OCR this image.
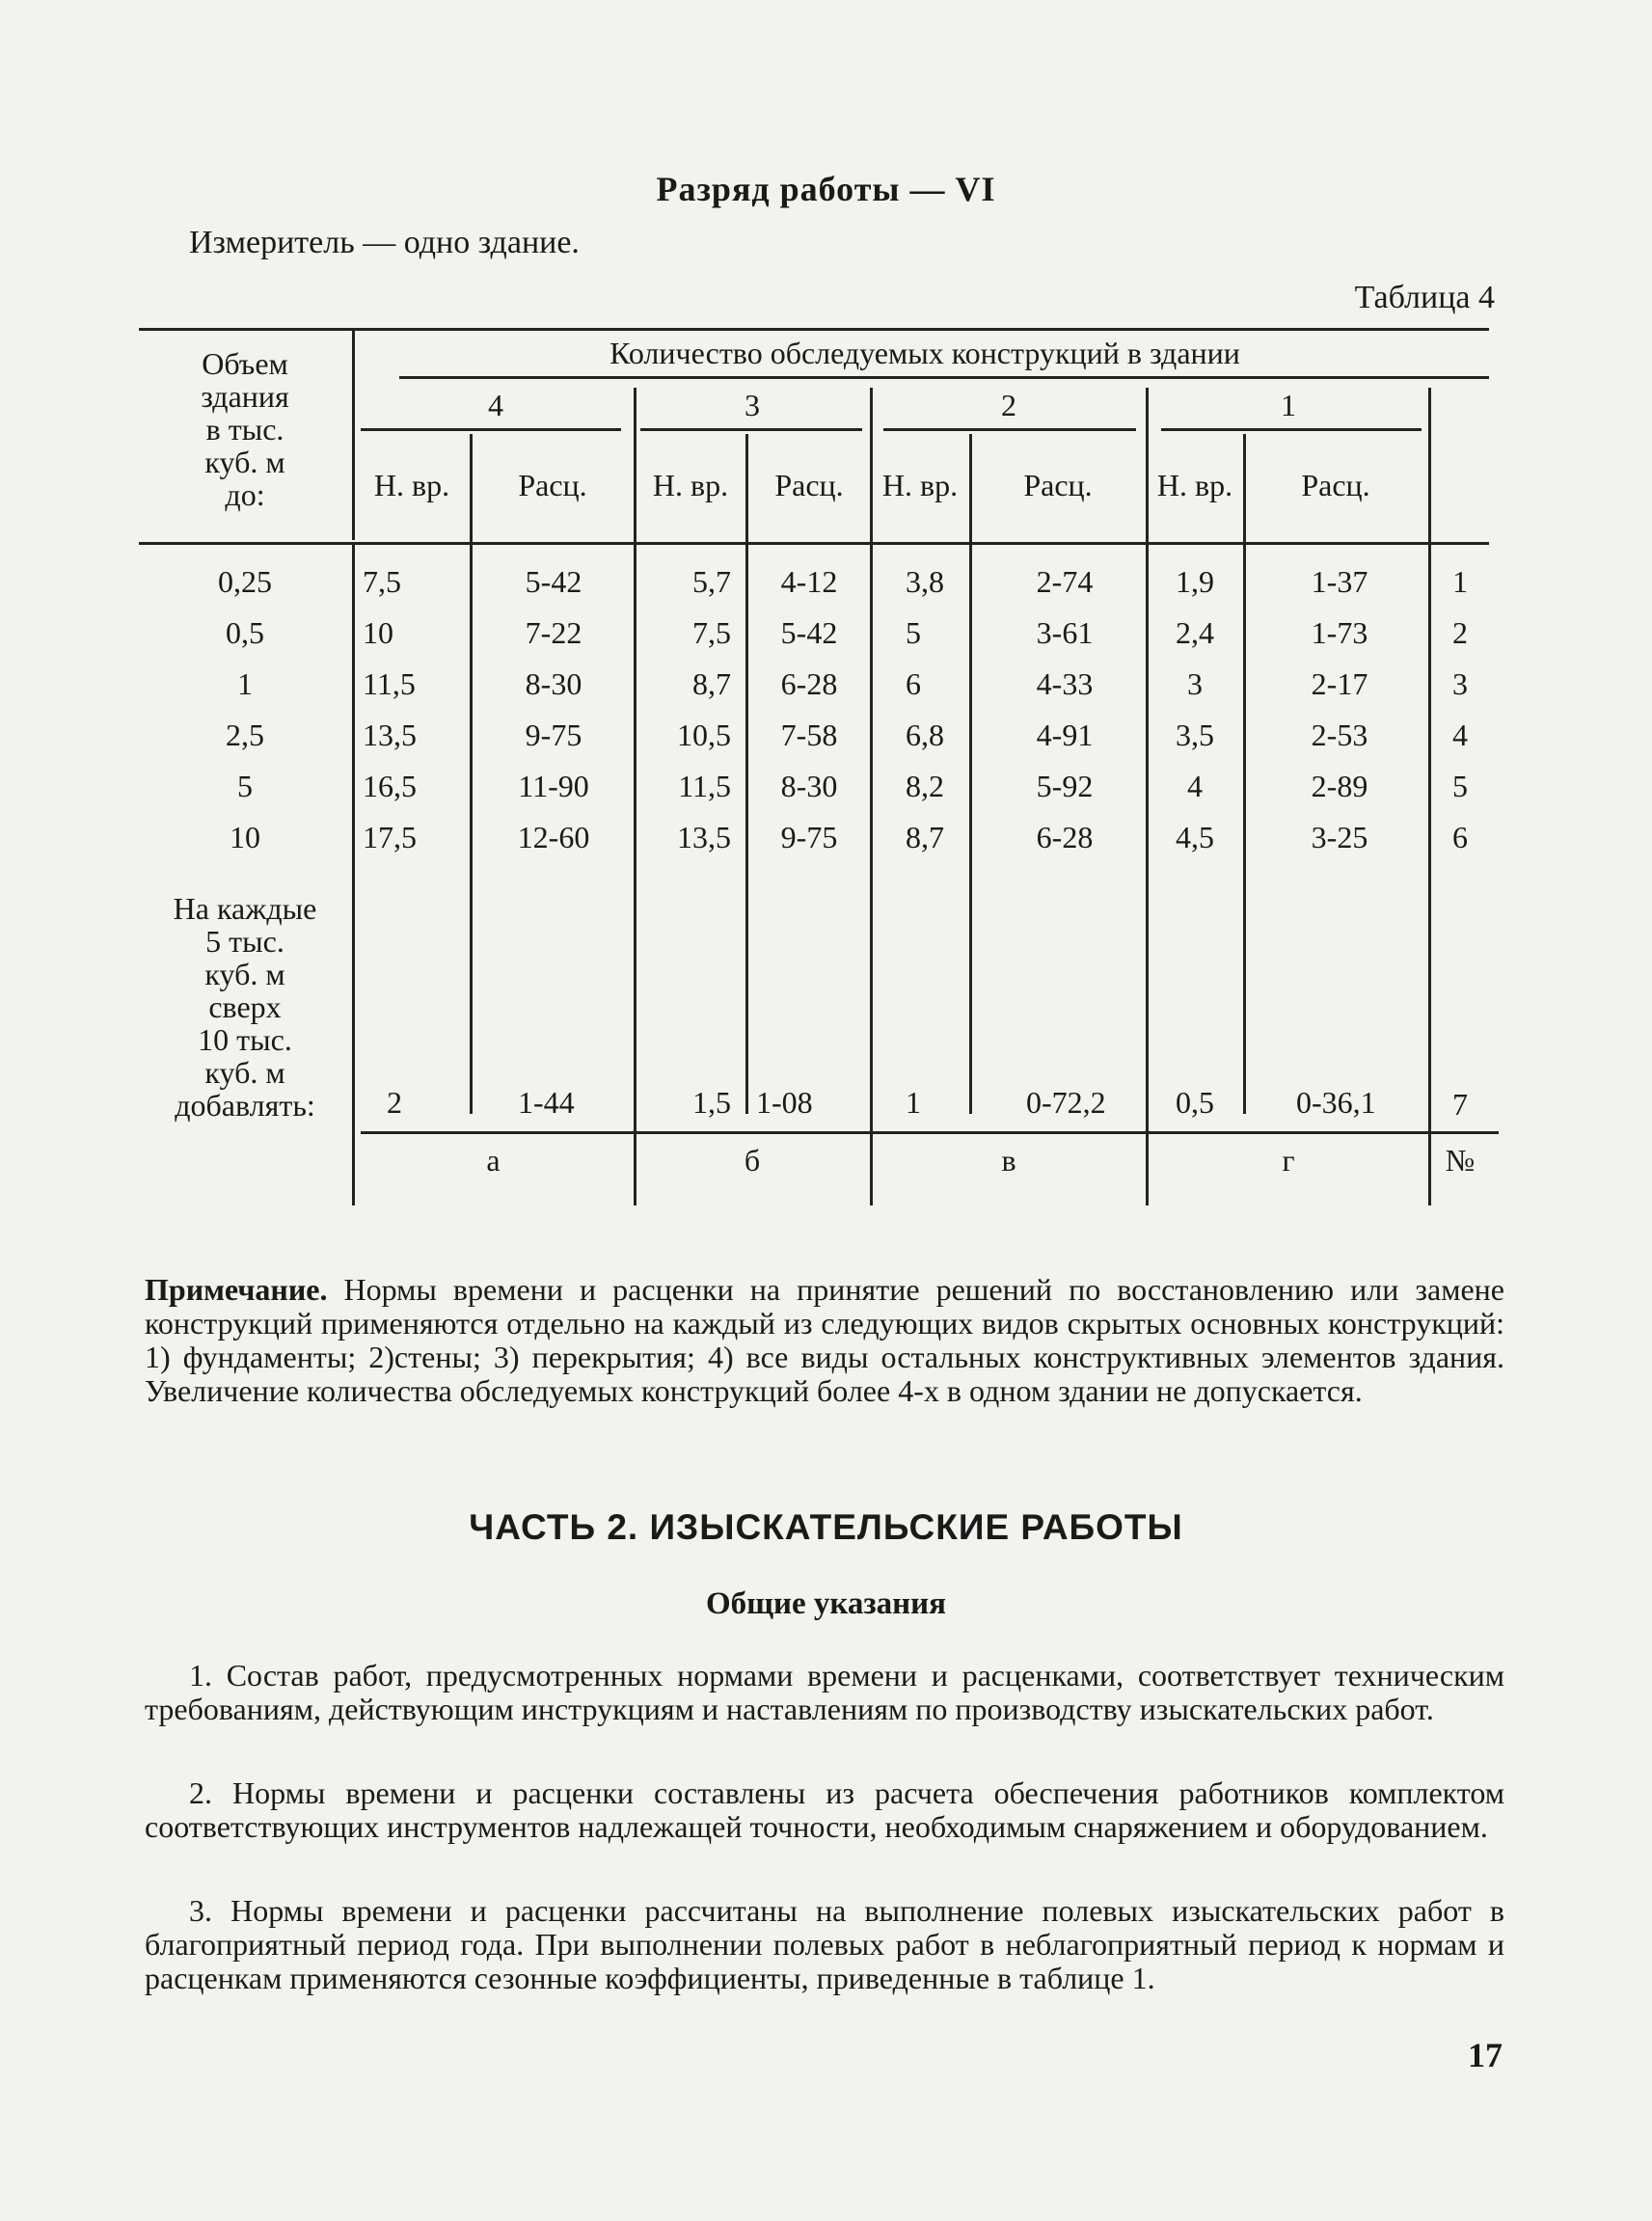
Разряд работы — VI
Измеритель — одно здание.
Таблица 4
Объем
здания
в тыс.
куб. м
до:
Количество обследуемых конструкций в здании
4	3	2	1
Н. вр.	Расц.	Н. вр.	Расц.	Н. вр.	Расц.	Н. вр.	Расц.
0,25	7,5	5-42	5,7	4-12	3,8	2-74	1,9	1-37	1
0,5	10	7-22	7,5	5-42	5	3-61	2,4	1-73	2
1	11,5	8-30	8,7	6-28	6	4-33	3	2-17	3
2,5	13,5	9-75	10,5	7-58	6,8	4-91	3,5	2-53	4
5	16,5	11-90	11,5	8-30	8,2	5-92	4	2-89	5
10	17,5	12-60	13,5	9-75	8,7	6-28	4,5	3-25	6
На каждые
5 тыс.
куб. м
сверх
10 тыс.
куб. м
добавлять:	2	1-44	1,5 1-08	1	0-72,2	0,5	0-36,1	7
а	б	в	г	№
Примечание. Нормы времени и расценки на принятие решений по восстановлению или замене конструкций применяются отдельно на каждый из следующих видов скрытых основных конструкций: 1) фундаменты; 2)стены; 3) перекрытия; 4) все виды остальных конструктивных элементов здания. Увеличение количества обследуемых конструкций более 4-х в одном здании не допускается.
ЧАСТЬ 2. ИЗЫСКАТЕЛЬСКИЕ РАБОТЫ
Общие указания
1. Состав работ, предусмотренных нормами времени и расценками, соответствует техническим требованиям, действующим инструкциям и наставлениям по производству изыскательских работ.
2. Нормы времени и расценки составлены из расчета обеспечения работников комплектом соответствующих инструментов надлежащей точности, необходимым снаряжением и оборудованием.
3. Нормы времени и расценки рассчитаны на выполнение полевых изыскательских работ в благоприятный период года. При выполнении полевых работ в неблагоприятный период к нормам и расценкам применяются сезонные коэффициенты, приведенные в таблице 1.
17
